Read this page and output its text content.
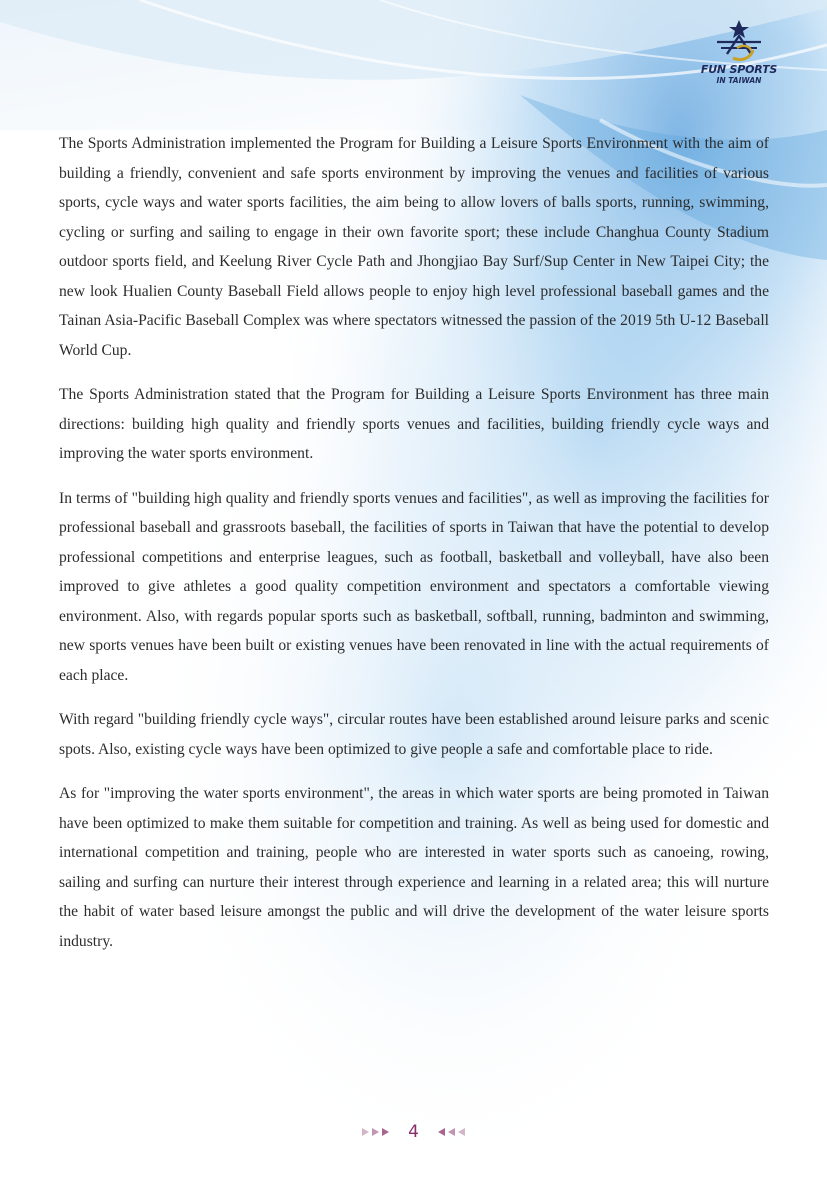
FUN SPORTS
IN TAIWAN

The Sports Administration implemented the Program for Building a Leisure Sports Environment with the aim of building a friendly, convenient and safe sports environment by improving the venues and facilities of various sports, cycle ways and water sports facilities, the aim being to allow lovers of balls sports, running, swimming, cycling or surfing and sailing to engage in their own favorite sport; these include Changhua County Stadium outdoor sports field, and Keelung River Cycle Path and Jhongjiao Bay Surf/Sup Center in New Taipei City; the new look Hualien County Baseball Field allows people to enjoy high level professional baseball games and the Tainan Asia-Pacific Baseball Complex was where spectators witnessed the passion of the 2019 5th U-12 Baseball World Cup.

The Sports Administration stated that the Program for Building a Leisure Sports Environment has three main directions: building high quality and friendly sports venues and facilities, building friendly cycle ways and improving the water sports environment.

In terms of "building high quality and friendly sports venues and facilities", as well as improving the facilities for professional baseball and grassroots baseball, the facilities of sports in Taiwan that have the potential to develop professional competitions and enterprise leagues, such as football, basketball and volleyball, have also been improved to give athletes a good quality competition environment and spectators a comfortable viewing environment. Also, with regards popular sports such as basketball, softball, running, badminton and swimming, new sports venues have been built or existing venues have been renovated in line with the actual requirements of each place.

With regard "building friendly cycle ways", circular routes have been established around leisure parks and scenic spots. Also, existing cycle ways have been optimized to give people a safe and comfortable place to ride.

As for "improving the water sports environment", the areas in which water sports are being promoted in Taiwan have been optimized to make them suitable for competition and training. As well as being used for domestic and international competition and training, people who are interested in water sports such as canoeing, rowing, sailing and surfing can nurture their interest through experience and learning in a related area; this will nurture the habit of water based leisure amongst the public and will drive the development of the water leisure sports industry.

4
